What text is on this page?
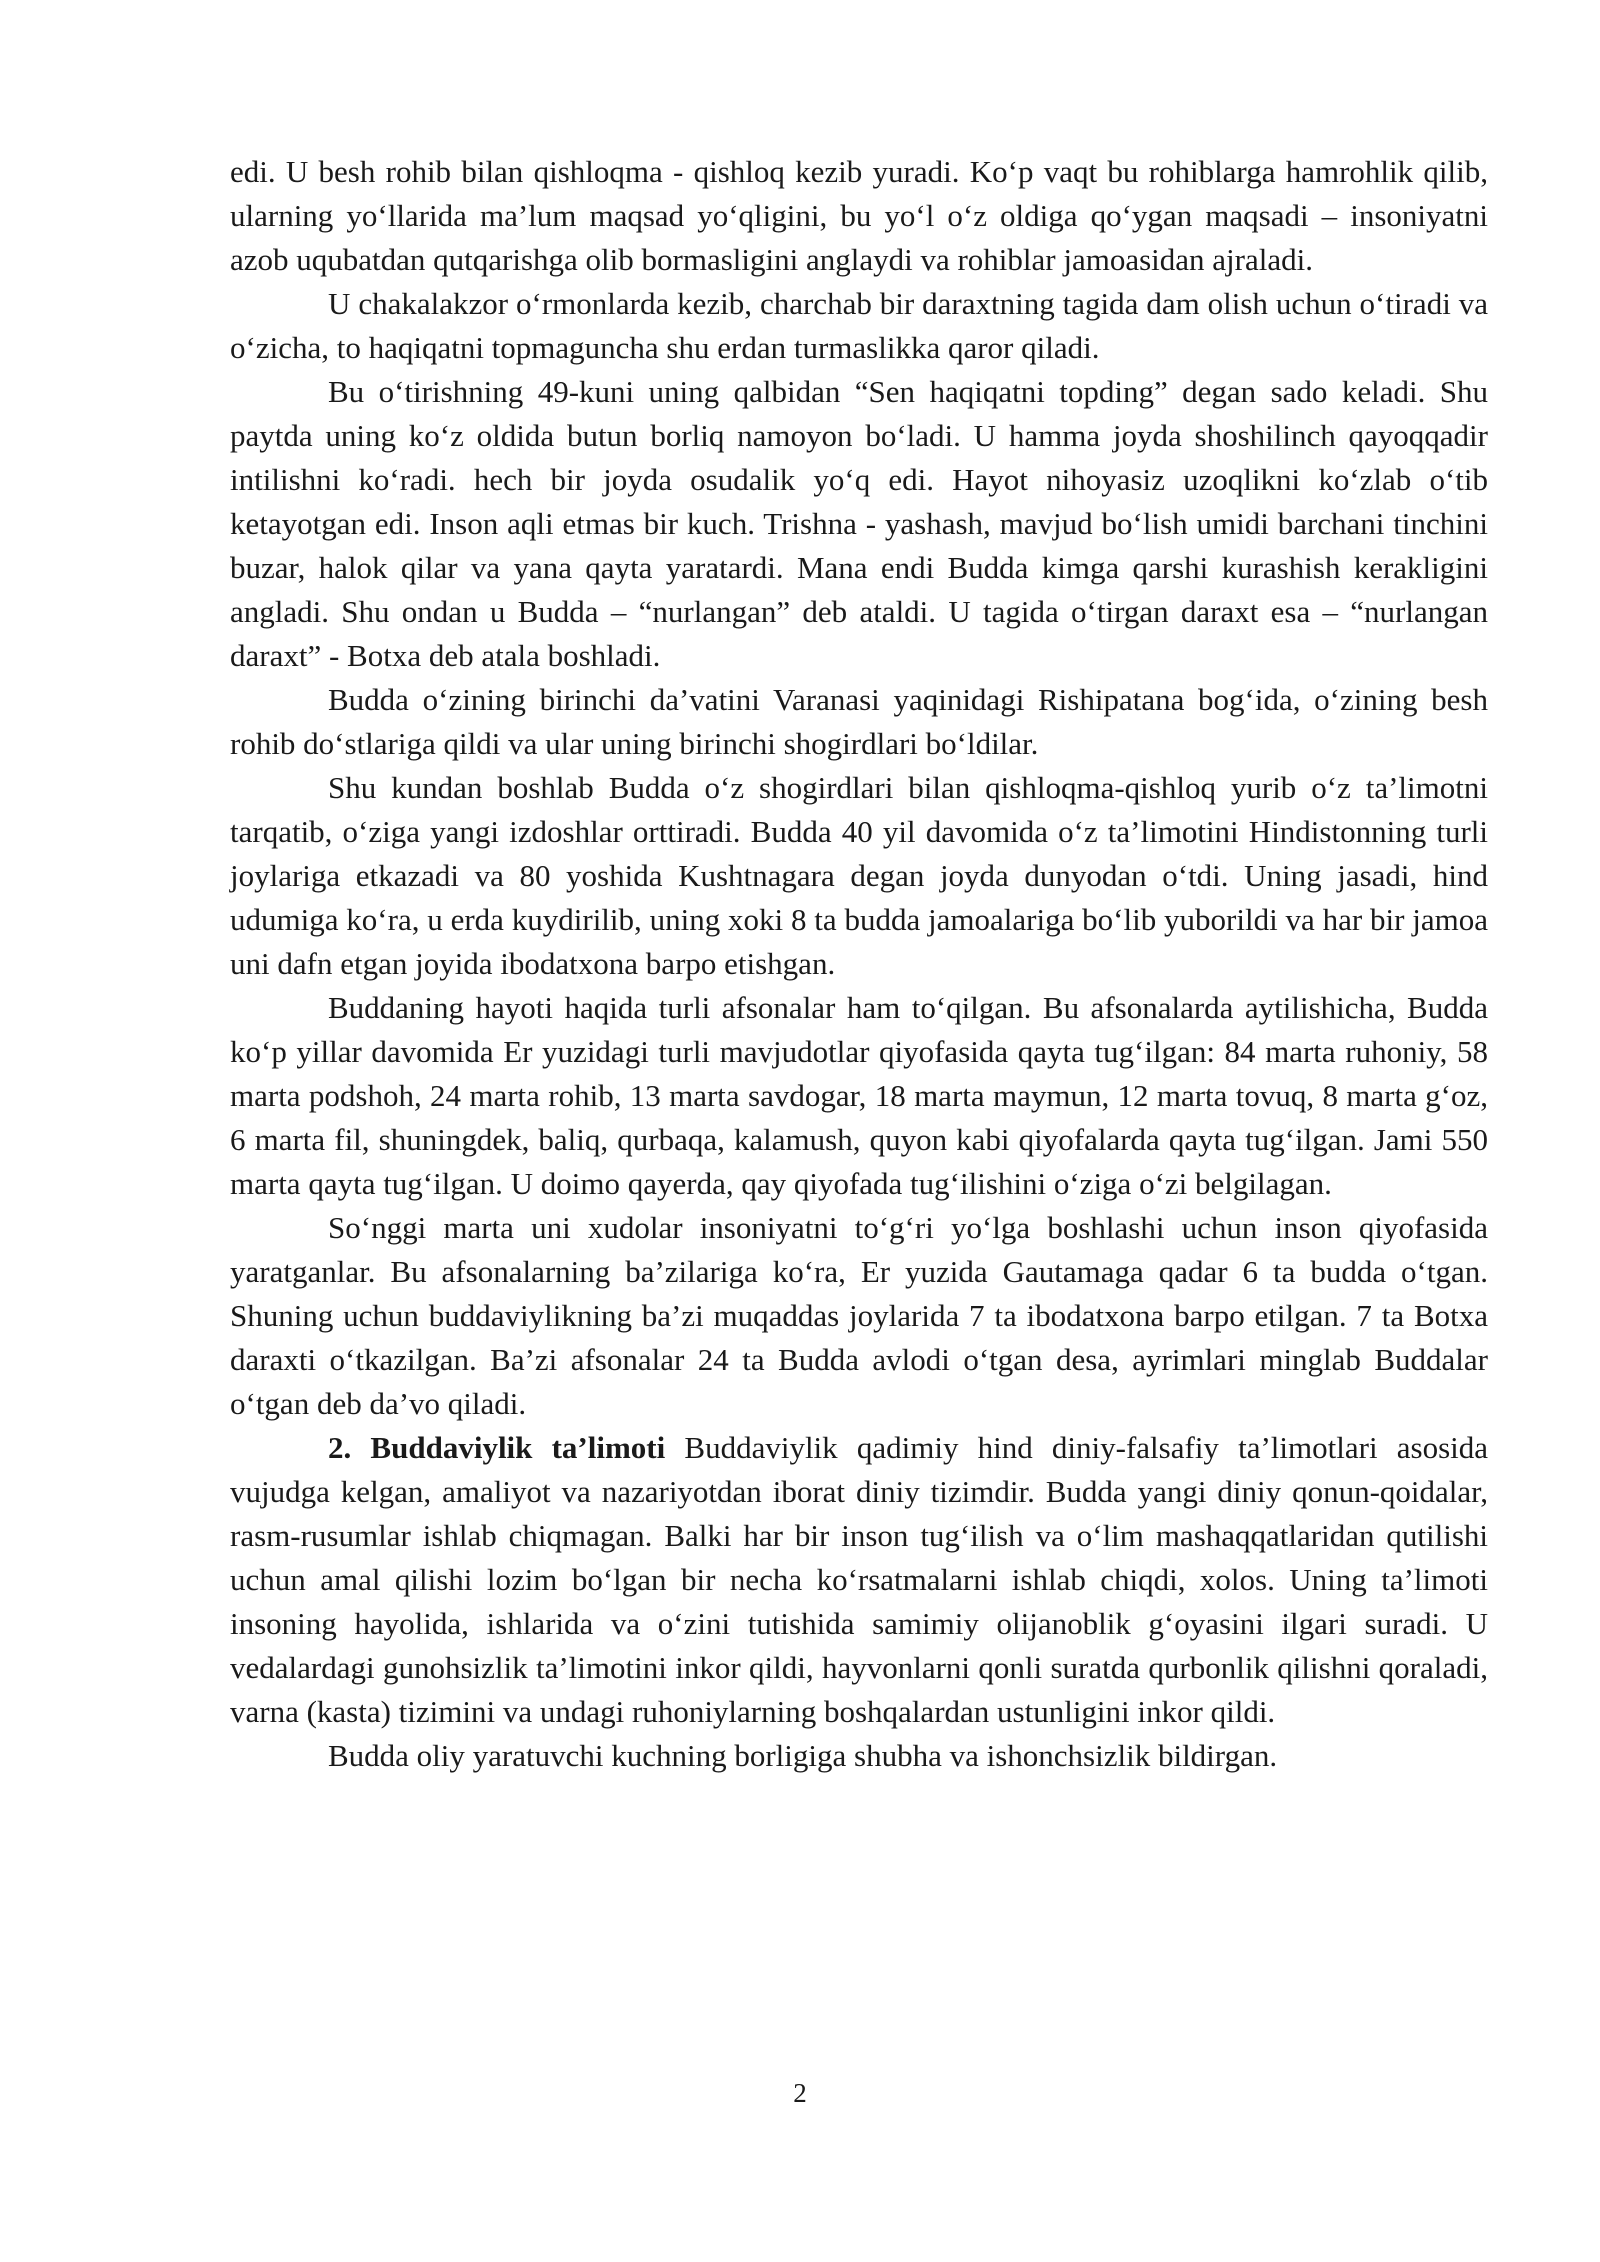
edi. U besh rohib bilan qishloqma - qishloq kezib yuradi. Ko‘p vaqt bu rohiblarga hamrohlik qilib, ularning yo‘llarida ma’lum maqsad yo‘qligini, bu yo‘l o‘z oldiga qo‘ygan maqsadi – insoniyatni azob uqubatdan qutqarishga olib bormasligini anglaydi va rohiblar jamoasidan ajraladi.

U chakalakzor o‘rmonlarda kezib, charchab bir daraxtning tagida dam olish uchun o‘tiradi va o‘zicha, to haqiqatni topmaguncha shu erdan turmaslikka qaror qiladi.

Bu o‘tirishning 49-kuni uning qalbidan “Sen haqiqatni topding” degan sado keladi. Shu paytda uning ko‘z oldida butun borliq namoyon bo‘ladi. U hamma joyda shoshilinch qayoqqadir intilishni ko‘radi. hech bir joyda osudalik yo‘q edi. Hayot nihoyasiz uzoqlikni ko‘zlab o‘tib ketayotgan edi. Inson aqli etmas bir kuch. Trishna - yashash, mavjud bo‘lish umidi barchani tinchini buzar, halok qilar va yana qayta yaratardi. Mana endi Budda kimga qarshi kurashish kerakligini angladi. Shu ondan u Budda – “nurlangan” deb ataldi. U tagida o‘tirgan daraxt esa – “nurlangan daraxt” - Botxa deb atala boshladi.

Budda o‘zining birinchi da’vatini Varanasi yaqinidagi Rishipatana bog‘ida, o‘zining besh rohib do‘stlariga qildi va ular uning birinchi shogirdlari bo‘ldilar.

Shu kundan boshlab Budda o‘z shogirdlari bilan qishloqma-qishloq yurib o‘z ta’limotni tarqatib, o‘ziga yangi izdoshlar orttiradi. Budda 40 yil davomida o‘z ta’limotini Hindistonning turli joylariga etkazadi va 80 yoshida Kushtnagara degan joyda dunyodan o‘tdi. Uning jasadi, hind udumiga ko‘ra, u erda kuydirilib, uning xoki 8 ta budda jamoalariga bo‘lib yuborildi va har bir jamoa uni dafn etgan joyida ibodatxona barpo etishgan.

Buddaning hayoti haqida turli afsonalar ham to‘qilgan. Bu afsonalarda aytilishicha, Budda ko‘p yillar davomida Er yuzidagi turli mavjudotlar qiyofasida qayta tug‘ilgan: 84 marta ruhoniy, 58 marta podshoh, 24 marta rohib, 13 marta savdogar, 18 marta maymun, 12 marta tovuq, 8 marta g‘oz, 6 marta fil, shuningdek, baliq, qurbaqa, kalamush, quyon kabi qiyofalarda qayta tug‘ilgan. Jami 550 marta qayta tug‘ilgan. U doimo qayerda, qay qiyofada tug‘ilishini o‘ziga o‘zi belgilagan.

So‘nggi marta uni xudolar insoniyatni to‘g‘ri yo‘lga boshlashi uchun inson qiyofasida yaratganlar. Bu afsonalarning ba’zilariga ko‘ra, Er yuzida Gautamaga qadar 6 ta budda o‘tgan. Shuning uchun buddaviylikning ba’zi muqaddas joylarida 7 ta ibodatxona barpo etilgan. 7 ta Botxa daraxti o‘tkazilgan. Ba’zi afsonalar 24 ta Budda avlodi o‘tgan desa, ayrimlari minglab Buddalar o‘tgan deb da’vo qiladi.

2. Buddaviylik ta’limoti Buddaviylik qadimiy hind diniy-falsafiy ta’limotlari asosida vujudga kelgan, amaliyot va nazariyotdan iborat diniy tizimdir. Budda yangi diniy qonun-qoidalar, rasm-rusumlar ishlab chiqmagan. Balki har bir inson tug‘ilish va o‘lim mashaqqatlaridan qutilishi uchun amal qilishi lozim bo‘lgan bir necha ko‘rsatmalarni ishlab chiqdi, xolos. Uning ta’limoti insoning hayolida, ishlarida va o‘zini tutishida samimiy olijanoblik g‘oyasini ilgari suradi. U vedalardagi gunohsizlik ta’limotini inkor qildi, hayvonlarni qonli suratda qurbonlik qilishni qoraladi, varna (kasta) tizimini va undagi ruhoniylarning boshqalardan ustunligini inkor qildi.

Budda oliy yaratuvchi kuchning borligiga shubha va ishonchsizlik bildirgan.

2
